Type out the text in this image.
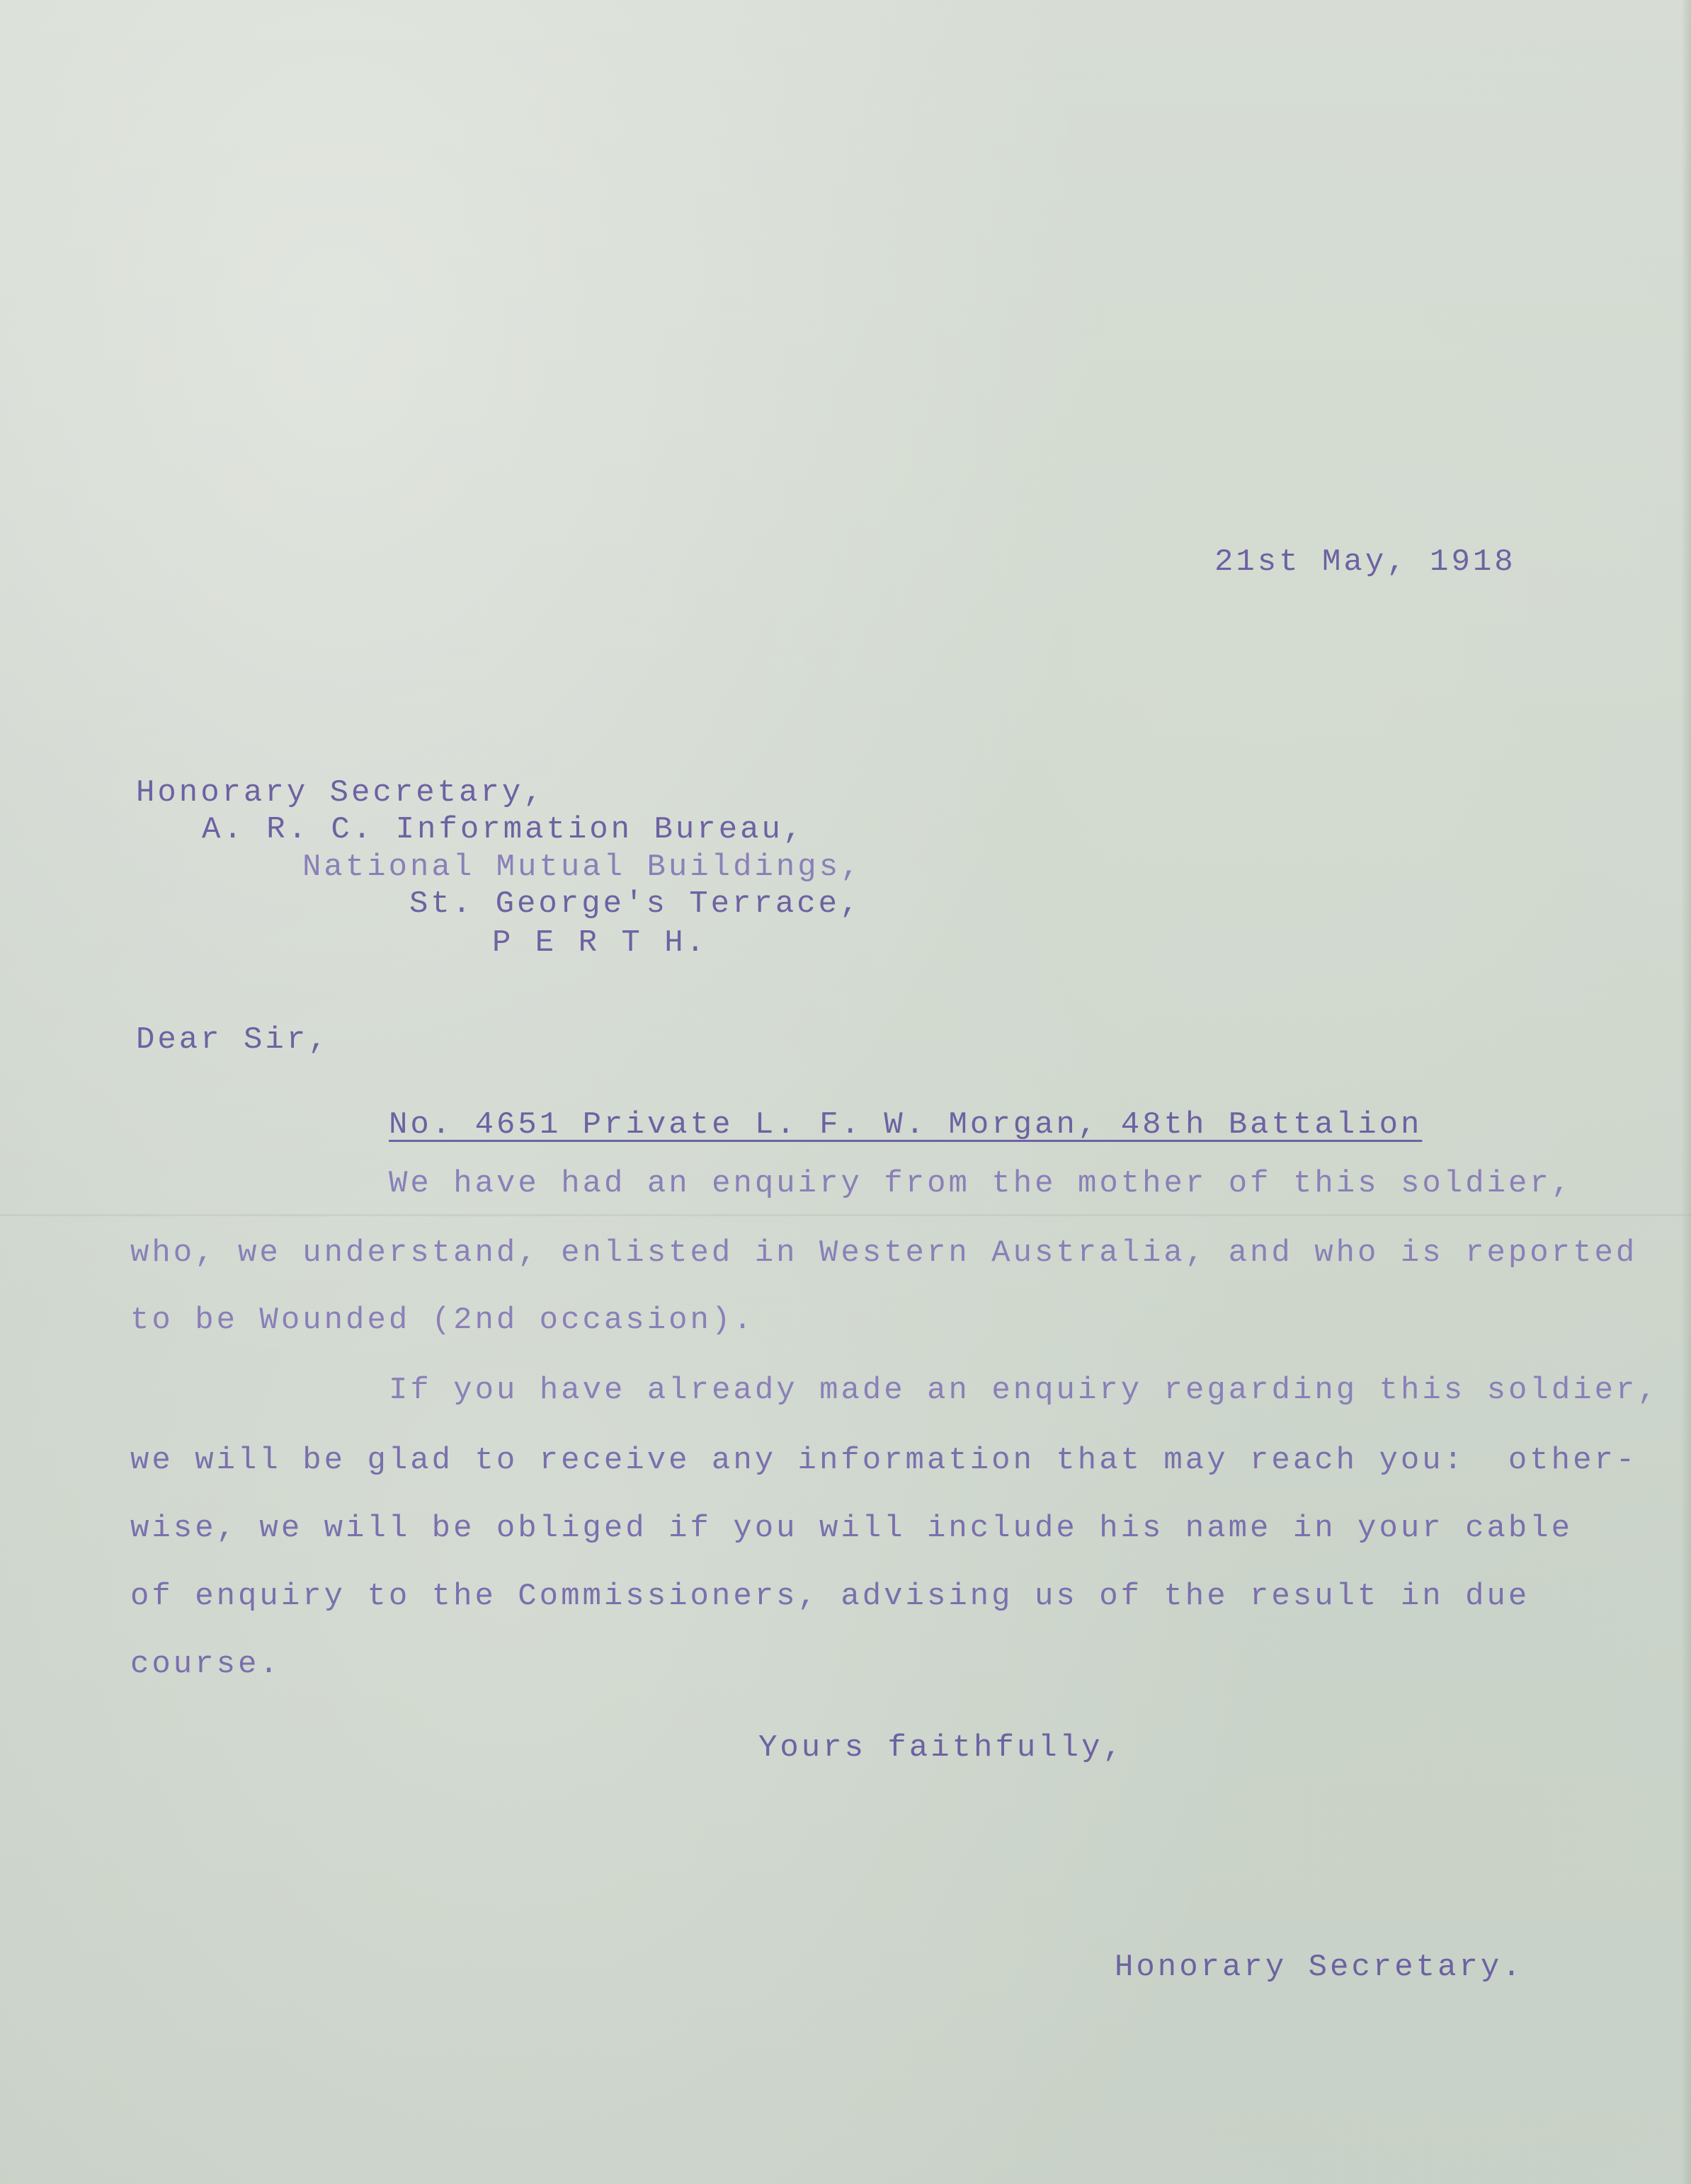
21st May, 1918
Honorary Secretary,
A. R. C. Information Bureau,
National Mutual Buildings,
St. George's Terrace,
P E R T H.
Dear Sir,
No. 4651 Private L. F. W. Morgan, 48th Battalion
We have had an enquiry from the mother of this soldier,
who, we understand, enlisted in Western Australia, and who is reported
to be Wounded (2nd occasion).
If you have already made an enquiry regarding this soldier,
we will be glad to receive any information that may reach you:  other-
wise, we will be obliged if you will include his name in your cable
of enquiry to the Commissioners, advising us of the result in due
course.
Yours faithfully,
Honorary Secretary.
